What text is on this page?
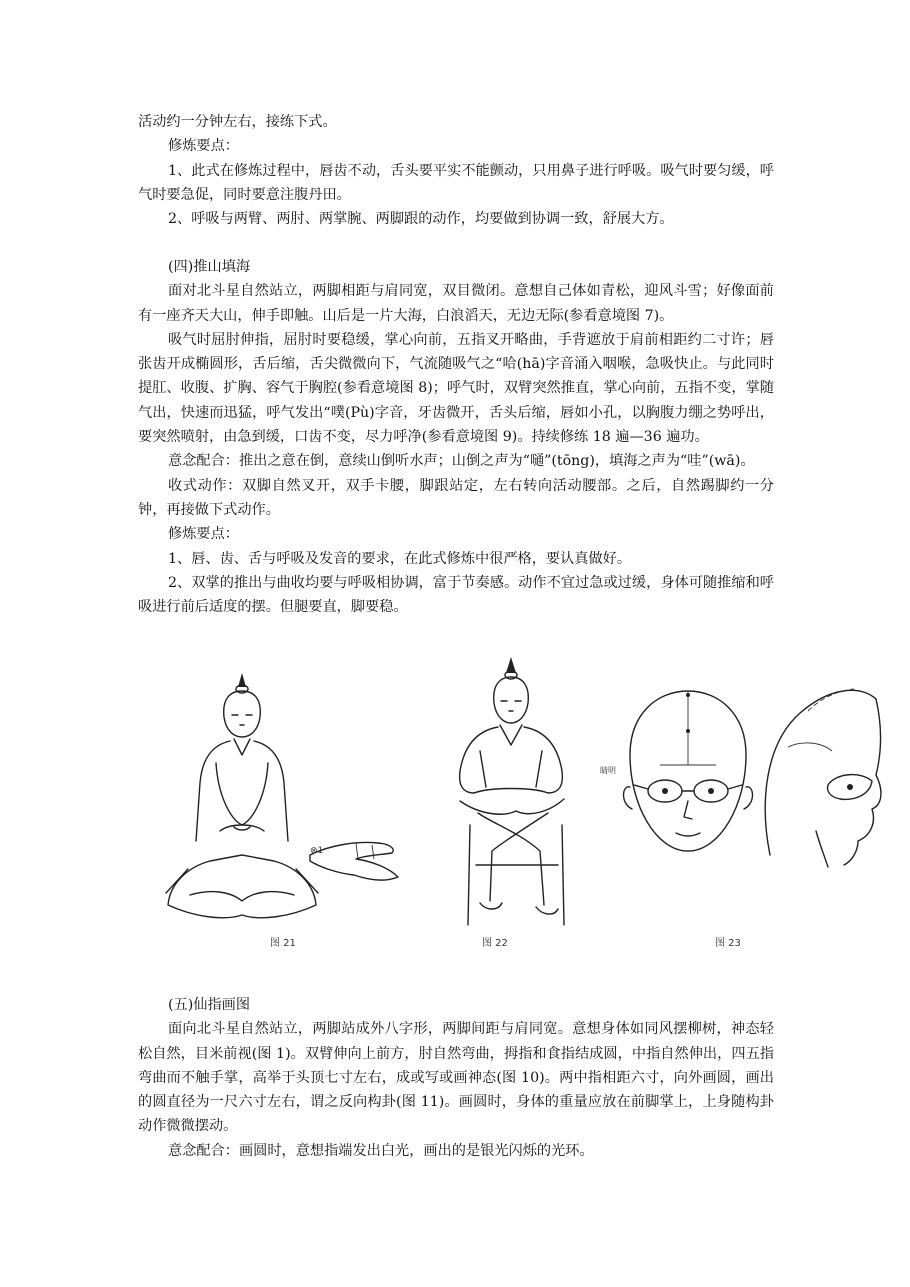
活动约一分钟左右，接练下式。

修炼要点：

1、此式在修炼过程中，唇齿不动，舌头要平实不能颤动，只用鼻子进行呼吸。吸气时要匀缓，呼气时要急促，同时要意注腹丹田。

2、呼吸与两臂、两肘、两掌腕、两脚跟的动作，均要做到协调一致，舒展大方。

(四)推山填海

面对北斗星自然站立，两脚相距与肩同宽，双目微闭。意想自己体如青松，迎风斗雪；好像面前有一座齐天大山，伸手即触。山后是一片大海，白浪滔天，无边无际(参看意境图 7)。

吸气时屈肘伸指，屈肘时要稳缓，掌心向前，五指叉开略曲，手背遮放于肩前相距约二寸许；唇张齿开成椭圆形，舌后缩，舌尖微微向下，气流随吸气之“哈(hā)字音涌入咽喉，急吸快止。与此同时提肛、收腹、扩胸、容气于胸腔(参看意境图 8)；呼气时，双臂突然推直，掌心向前，五指不变，掌随气出，快速而迅猛，呼气发出“噗(Pù)字音，牙齿微开，舌头后缩，唇如小孔，以胸腹力绷之势呼出，要突然喷射，由急到缓，口齿不变，尽力呼净(参看意境图 9)。持续修练 18 遍—36 遍功。

意念配合：推出之意在倒，意续山倒听水声；山倒之声为“嗵”(tōng)，填海之声为“哇”(wā)。

收式动作：双脚自然叉开，双手卡腰，脚跟站定，左右转向活动腰部。之后，自然踢脚约一分钟，再接做下式动作。

修炼要点：

1、唇、齿、舌与呼吸及发音的要求，在此式修炼中很严格，要认真做好。

2、双掌的推出与曲收均要与呼吸相协调，富于节奏感。动作不宜过急或过缓，身体可随推缩和呼吸进行前后适度的摆。但腿要直，脚要稳。

⊗1
睛明
图 21	图 22	图 23

(五)仙指画图

面向北斗星自然站立，两脚站成外八字形，两脚间距与肩同宽。意想身体如同风摆柳树，神态轻松自然，目米前视(图 1)。双臂伸向上前方，肘自然弯曲，拇指和食指结成圆，中指自然伸出，四五指弯曲而不触手掌，高举于头顶七寸左右，成或写或画神态(图 10)。两中指相距六寸，向外画圆，画出的圆直径为一尺六寸左右，谓之反向构卦(图 11)。画圆时，身体的重量应放在前脚掌上，上身随构卦动作微微摆动。

意念配合：画圆时，意想指端发出白光，画出的是银光闪烁的光环。
